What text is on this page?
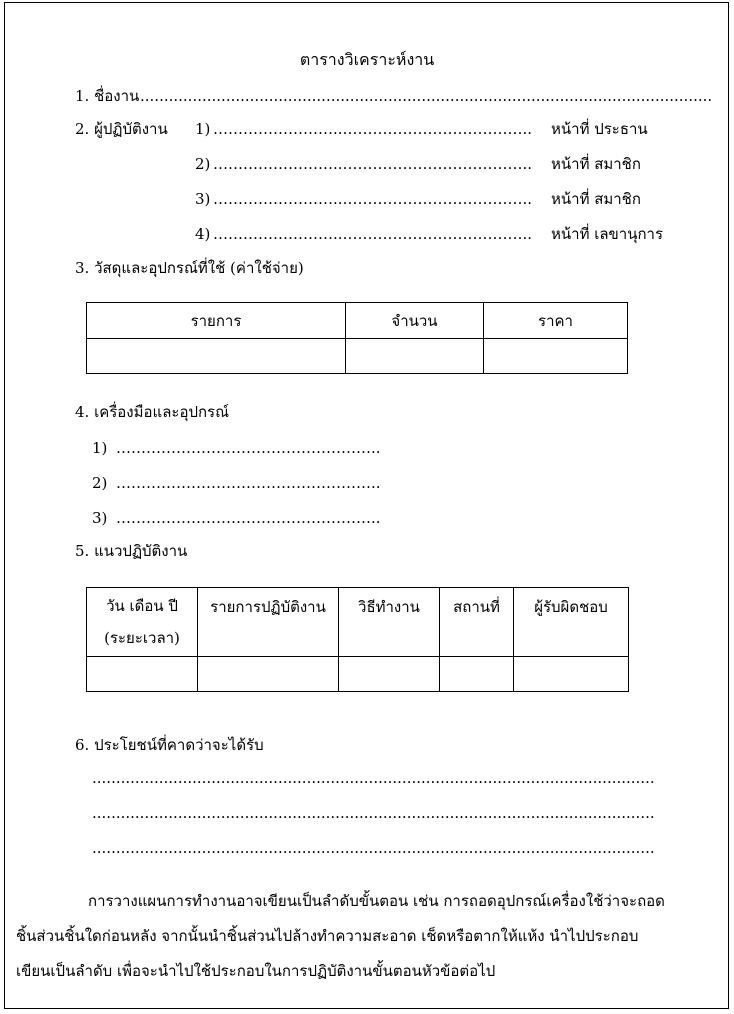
ตารางวิเคราะห์งาน
1. ชื่องาน ........................................................................................................................
2. ผู้ปฏิบัติงาน 1) ……………………..………………………………..	หน้าที่ ประธาน
2) ……………………..………………………………..	หน้าที่ สมาชิก
3) ……………………..………………………………..	หน้าที่ สมาชิก
4) ……………………..………………………………..	หน้าที่ เลขานุการ
3. วัสดุและอุปกรณ์ที่ใช้ (ค่าใช้จ่าย)
รายการ	จำนวน	ราคา

4. เครื่องมือและอุปกรณ์
1) ……………………………………………..
2) ……………………………………………..
3) ……………………………………………..
5. แนวปฏิบัติงาน
วัน เดือน ปี
(ระยะเวลา)	รายการปฏิบัติงาน	วิธีทำงาน	สถานที่	ผู้รับผิดชอบ

6. ประโยชน์ที่คาดว่าจะได้รับ
......................................................................................................................
......................................................................................................................
......................................................................................................................
การวางแผนการทำงานอาจเขียนเป็นลำดับขั้นตอน เช่น การถอดอุปกรณ์เครื่องใช้ว่าจะถอด
ชิ้นส่วนชิ้นใดก่อนหลัง จากนั้นนำชิ้นส่วนไปล้างทำความสะอาด เช็ดหรือตากให้แห้ง นำไปประกอบ
เขียนเป็นลำดับ เพื่อจะนำไปใช้ประกอบในการปฏิบัติงานขั้นตอนหัวข้อต่อไป
